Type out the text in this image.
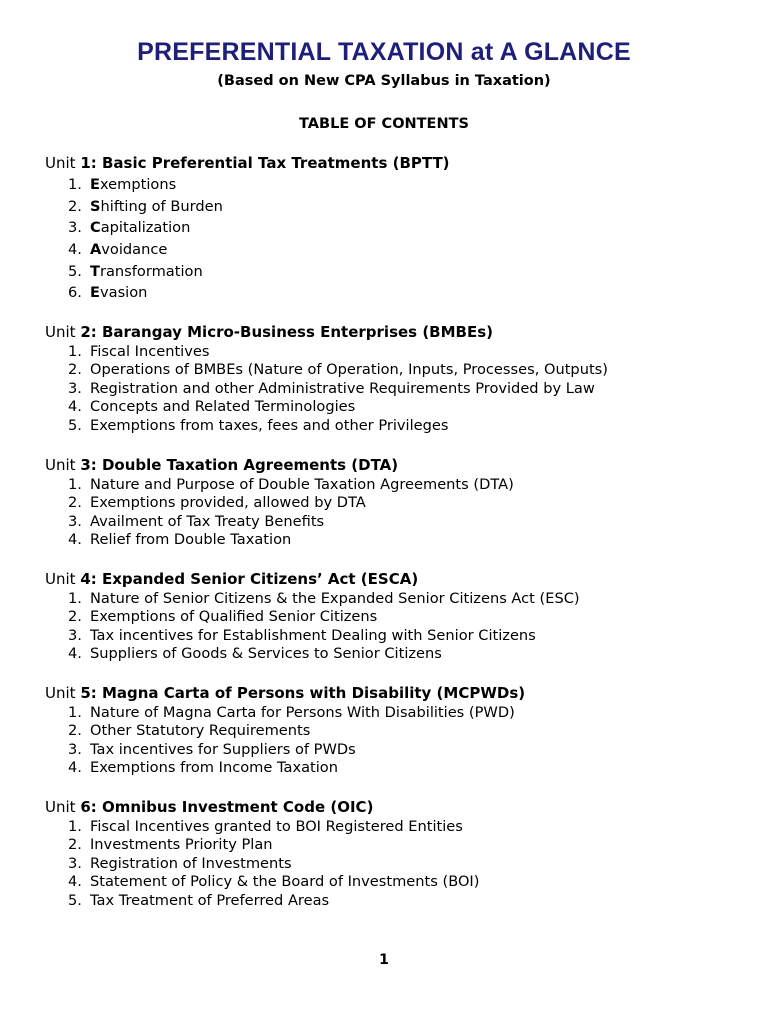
PREFERENTIAL TAXATION at A GLANCE
(Based on New CPA Syllabus in Taxation)
TABLE OF CONTENTS
Unit 1: Basic Preferential Tax Treatments (BPTT)
1. Exemptions
2. Shifting of Burden
3. Capitalization
4. Avoidance
5. Transformation
6. Evasion
Unit 2: Barangay Micro-Business Enterprises (BMBEs)
1. Fiscal Incentives
2. Operations of BMBEs (Nature of Operation, Inputs, Processes, Outputs)
3. Registration and other Administrative Requirements Provided by Law
4. Concepts and Related Terminologies
5. Exemptions from taxes, fees and other Privileges
Unit 3: Double Taxation Agreements (DTA)
1. Nature and Purpose of Double Taxation Agreements (DTA)
2. Exemptions provided, allowed by DTA
3. Availment of Tax Treaty Benefits
4. Relief from Double Taxation
Unit 4: Expanded Senior Citizens’ Act (ESCA)
1. Nature of Senior Citizens & the Expanded Senior Citizens Act (ESC)
2. Exemptions of Qualified Senior Citizens
3. Tax incentives for Establishment Dealing with Senior Citizens
4. Suppliers of Goods & Services to Senior Citizens
Unit 5: Magna Carta of Persons with Disability (MCPWDs)
1. Nature of Magna Carta for Persons With Disabilities (PWD)
2. Other Statutory Requirements
3. Tax incentives for Suppliers of PWDs
4. Exemptions from Income Taxation
Unit 6: Omnibus Investment Code (OIC)
1. Fiscal Incentives granted to BOI Registered Entities
2. Investments Priority Plan
3. Registration of Investments
4. Statement of Policy & the Board of Investments (BOI)
5. Tax Treatment of Preferred Areas
1
